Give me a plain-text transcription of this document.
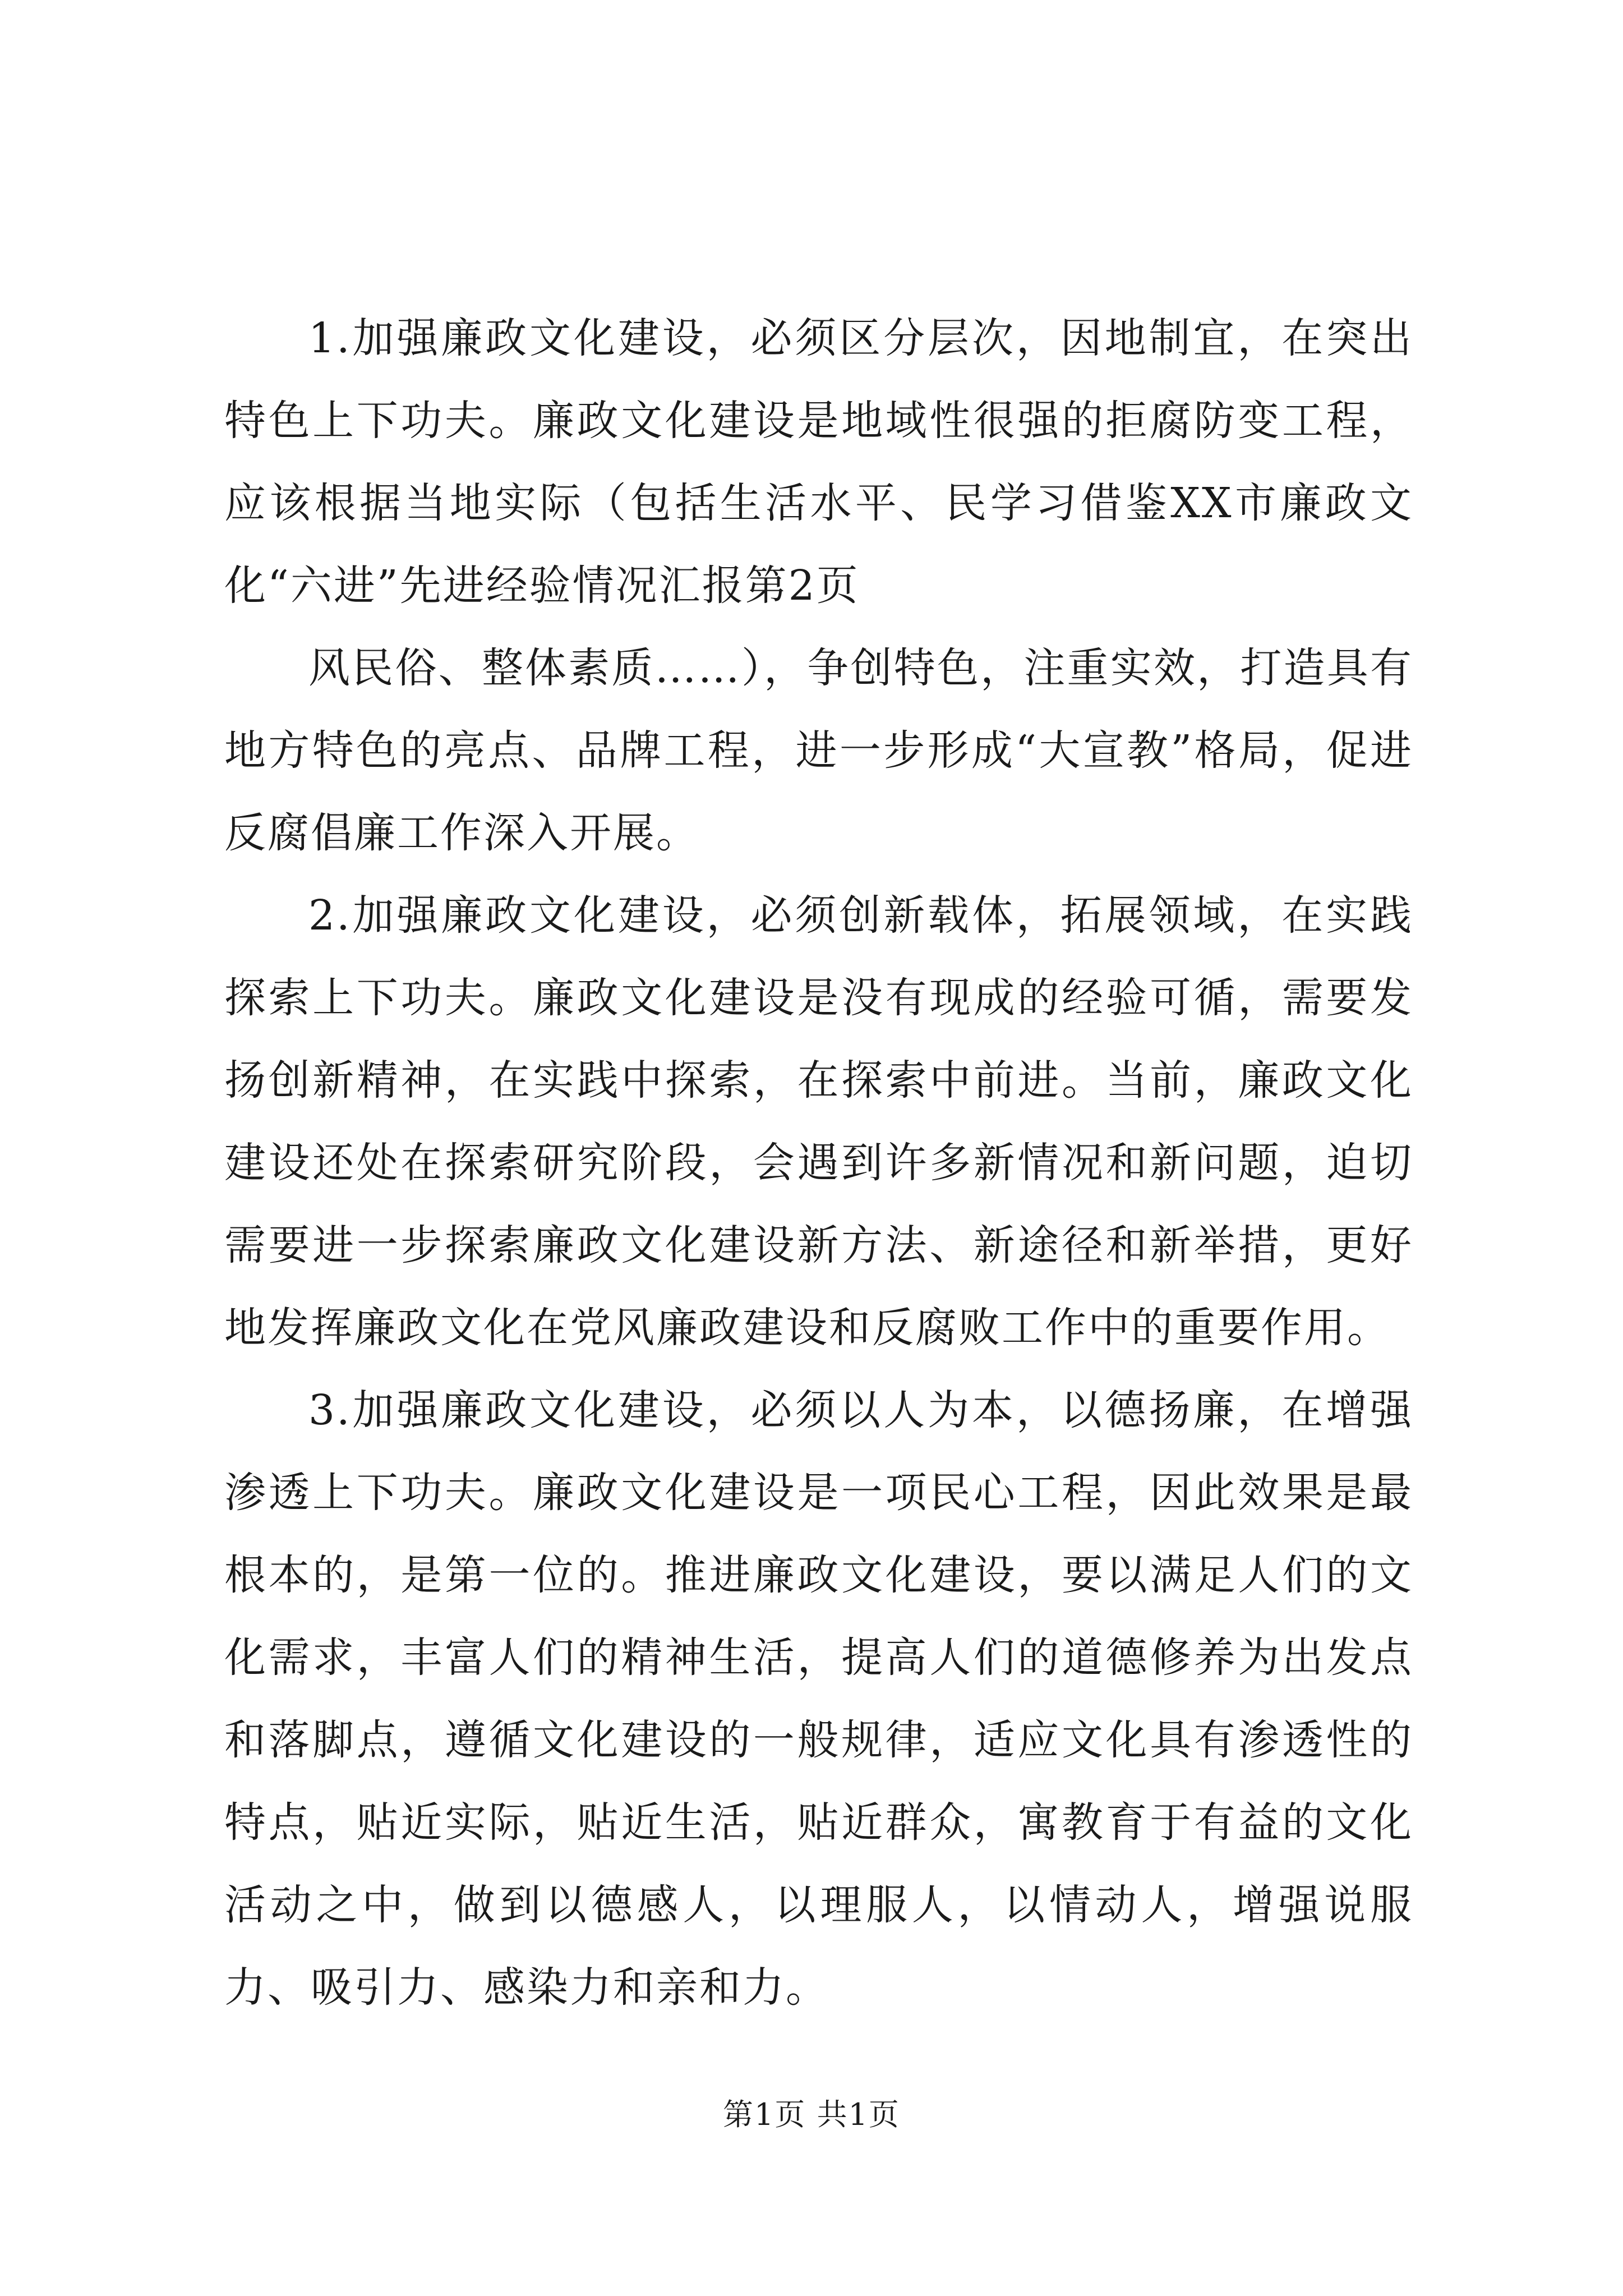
1.加强廉政文化建设，必须区分层次，因地制宜，在突出特色上下功夫。廉政文化建设是地域性很强的拒腐防变工程，应该根据当地实际（包括生活水平、民学习借鉴XX市廉政文化“六进”先进经验情况汇报第2页

风民俗、整体素质……），争创特色，注重实效，打造具有地方特色的亮点、品牌工程，进一步形成“大宣教”格局，促进反腐倡廉工作深入开展。

2.加强廉政文化建设，必须创新载体，拓展领域，在实践探索上下功夫。廉政文化建设是没有现成的经验可循，需要发扬创新精神，在实践中探索，在探索中前进。当前，廉政文化建设还处在探索研究阶段，会遇到许多新情况和新问题，迫切需要进一步探索廉政文化建设新方法、新途径和新举措，更好地发挥廉政文化在党风廉政建设和反腐败工作中的重要作用。

3.加强廉政文化建设，必须以人为本，以德扬廉，在增强渗透上下功夫。廉政文化建设是一项民心工程，因此效果是最根本的，是第一位的。推进廉政文化建设，要以满足人们的文化需求，丰富人们的精神生活，提高人们的道德修养为出发点和落脚点，遵循文化建设的一般规律，适应文化具有渗透性的特点，贴近实际，贴近生活，贴近群众，寓教育于有益的文化活动之中，做到以德感人，以理服人，以情动人，增强说服力、吸引力、感染力和亲和力。

第1页 共1页
